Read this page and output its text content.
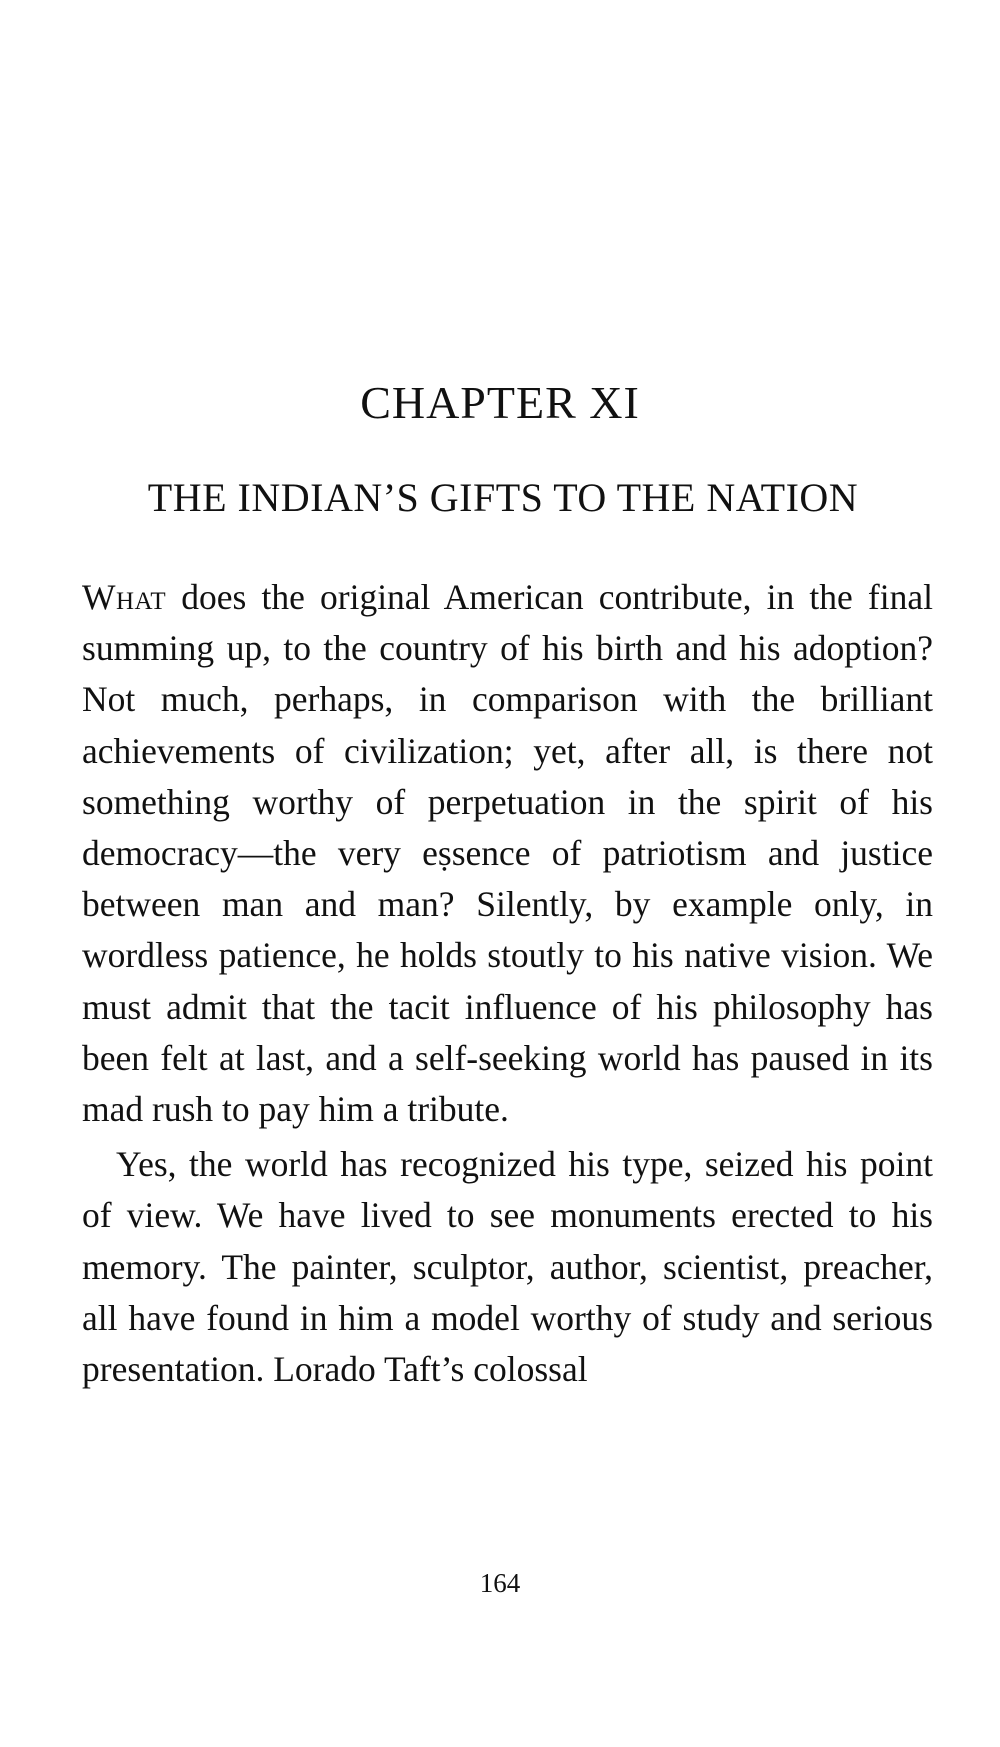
CHAPTER XI
THE INDIAN’S GIFTS TO THE NATION

What does the original American contribute, in the final summing up, to the country of his birth and his adoption? Not much, perhaps, in comparison with the brilliant achievements of civilization; yet, after all, is there not something worthy of perpetuation in the spirit of his democracy—the very eṣsence of patriotism and justice between man and man? Silently, by example only, in wordless patience, he holds stoutly to his native vision. We must admit that the tacit influence of his philosophy has been felt at last, and a self-seeking world has paused in its mad rush to pay him a tribute.

Yes, the world has recognized his type, seized his point of view. We have lived to see monuments erected to his memory. The painter, sculptor, author, scientist, preacher, all have found in him a model worthy of study and serious presentation. Lorado Taft’s colossal

164
